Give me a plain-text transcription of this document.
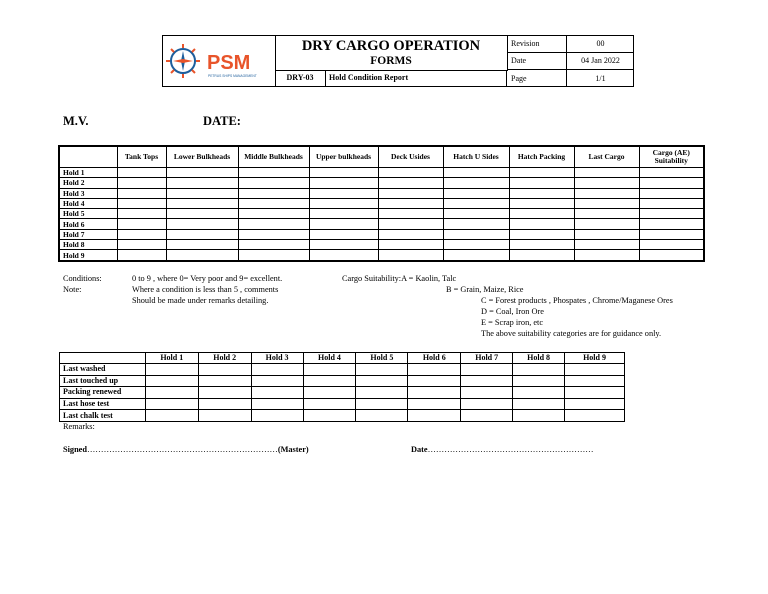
PSM
PETRUS SHIPS MANAGEMENT
DRY CARGO OPERATION
FORMS
DRY-03	Hold Condition Report
Revision	00
Date	04 Jan 2022
Page	1/1
M.V.	DATE:
	Tank Tops	Lower Bulkheads	Middle Bulkheads	Upper bulkheads	Deck Usides	Hatch U Sides	Hatch Packing	Last Cargo	Cargo (AE) Suitability
Hold 1									
Hold 2									
Hold 3									
Hold 4									
Hold 5									
Hold 6									
Hold 7									
Hold 8									
Hold 9									
Conditions:	0 to 9 , where 0= Very poor and 9= excellent.
Note:	Where a condition is less than 5 , comments
Should be made under remarks detailing.
Cargo Suitability:A = Kaolin, Talc
B = Grain, Maize, Rice
C = Forest products , Phospates , Chrome/Maganese Ores
D = Coal, Iron Ore
E = Scrap iron, etc
The above suitability categories are for guidance only.
	Hold 1	Hold 2	Hold 3	Hold 4	Hold 5	Hold 6	Hold 7	Hold 8	Hold 9
Last washed									
Last touched up									
Packing renewed									
Last hose test									
Last chalk test									
Remarks:
Signed……………………………………………………………(Master)	Date……………………………………………………
